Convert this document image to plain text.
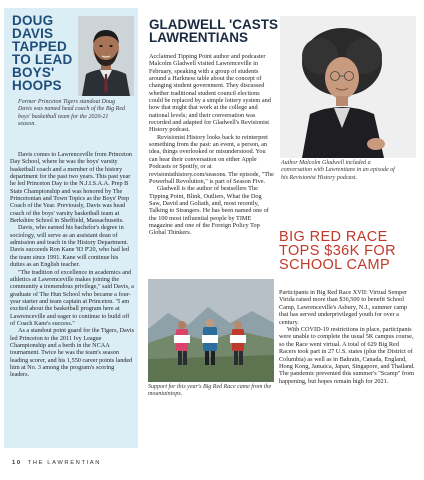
DOUG DAVIS TAPPED TO LEAD BOYS' HOOPS
Former Princeton Tigers standout Doug Davis was named head coach of the Big Red boys' basketball team for the 2020-21 season.

Davis comes to Lawrenceville from Princeton Day School, where he was the boys' varsity basketball coach and a member of the history department for the past two years. This past year he led Princeton Day to the N.J.I.S.A.A. Prep B State Championship and was honored by The Princetonian and Town Topics as the Boys' Prep Coach of the Year. Previously, Davis was head coach of the boys' varsity basketball team at Berkshire School in Sheffield, Massachusetts.

Davis, who earned his bachelor's degree in sociology, will serve as an assistant dean of admission and teach in the History Department. Davis succeeds Ron Kane '83 P'20, who had led the team since 1991. Kane will continue his duties as an English teacher.

"The tradition of excellence in academics and athletics at Lawrenceville makes joining the community a tremendous privilege," said Davis, a graduate of The Hun School who became a four-year starter and team captain at Princeton. "I am excited about the basketball program here at Lawrenceville and eager to continue to build off of Coach Kane's success."

As a standout point guard for the Tigers, Davis led Princeton to the 2011 Ivy League Championship and a berth in the NCAA tournament. Twice he was the team's season leading scorer, and his 1,550 career points landed him at No. 3 among the program's scoring leaders.

GLADWELL 'CASTS LAWRENTIANS

Acclaimed Tipping Point author and podcaster Malcolm Gladwell visited Lawrenceville in February, speaking with a group of students around a Harkness table about the concept of changing student government. They discussed whether traditional student council elections could be replaced by a simple lottery system and how that might that work at the college and national levels; and their conversation was recorded and adapted for Gladwell's Revisionist History podcast.

Revisionist History looks back to reinterpret something from the past: an event, a person, an idea, things overlooked or misunderstood. You can hear their conversation on either Apple Podcasts or Spotify, or at revisionisthistory.com/seasons. The episode, "The Powerball Revolution," is part of Season Five.

Gladwell is the author of bestsellers The Tipping Point, Blink, Outliers, What the Dog Saw, David and Goliath, and, most recently, Talking to Strangers. He has been named one of the 100 most influential people by TIME magazine and one of the Foreign Policy Top Global Thinkers.

Author Malcolm Gladwell included a conversation with Lawrentians in an episode of his Revisionist History podcast.
BIG RED RACE TOPS $36K FOR SCHOOL CAMP

Participants in Big Red Race XVII: Virtual Semper Virida raised more than $36,500 to benefit School Camp, Lawrenceville's Asbury, N.J., summer camp that has served underprivileged youth for over a century.

With COVID-19 restrictions in place, participants were unable to complete the usual 5K campus course, so the Race went virtual. A total of 629 Big Red Racers took part in 27 U.S. states (plus the District of Columbia) as well as in Bahrain, Canada, England, Hong Kong, Jamaica, Japan, Singapore, and Thailand. The pandemic prevented this summer's "Scamp" from happening, but hopes remain high for 2021.

Support for this year's Big Red Race came from the mountaintops.
10 THE LAWRENTIAN
